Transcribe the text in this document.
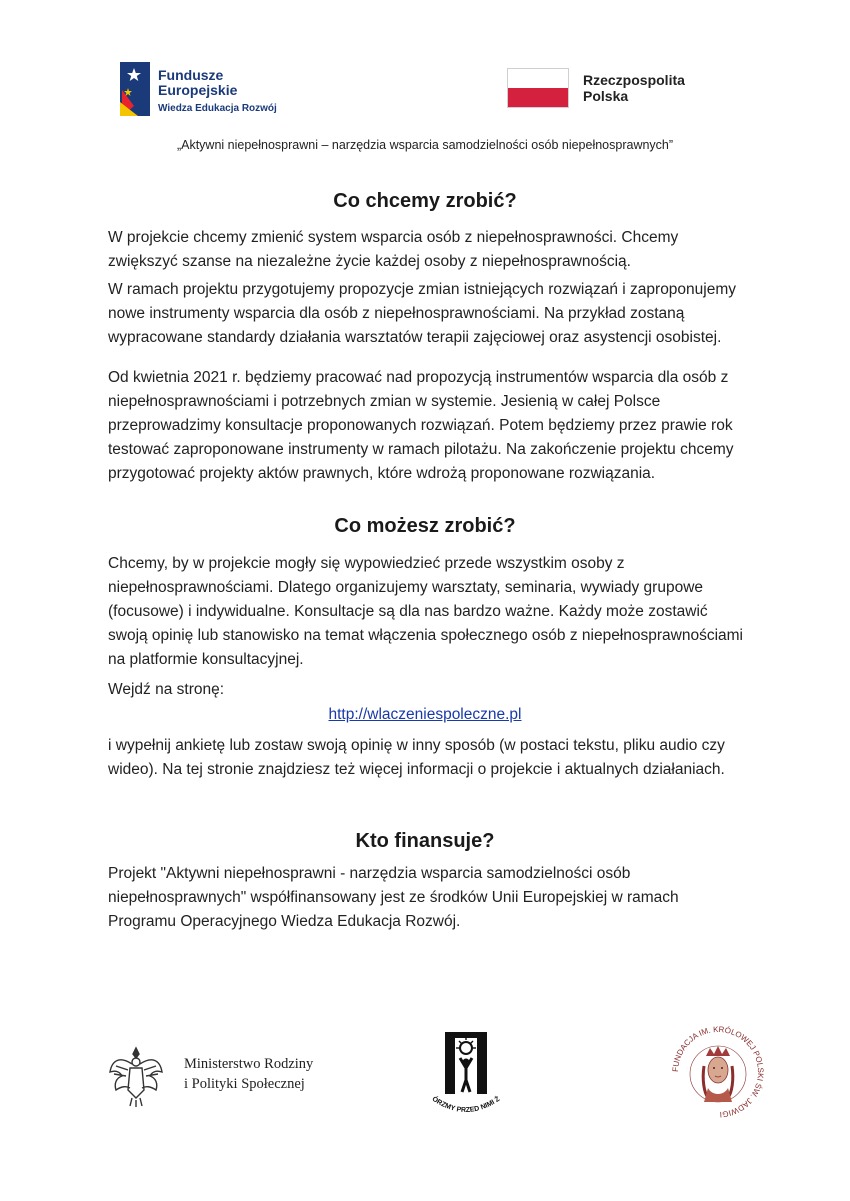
Fundusze
Europejskie
Wiedza Edukacja Rozwój
Rzeczpospolita
Polska
„Aktywni niepełnosprawni – narzędzia wsparcia samodzielności osób niepełnosprawnych”
Co chcemy zrobić?

W projekcie chcemy zmienić system wsparcia osób z niepełnosprawności. Chcemy zwiększyć szanse na niezależne życie każdej osoby z niepełnosprawnością.

W ramach projektu przygotujemy propozycje zmian istniejących rozwiązań i zaproponujemy nowe instrumenty wsparcia dla osób z niepełnosprawnościami. Na przykład zostaną wypracowane standardy działania warsztatów terapii zajęciowej oraz asystencji osobistej.

Od kwietnia 2021 r. będziemy pracować nad propozycją instrumentów wsparcia dla osób z niepełnosprawnościami i potrzebnych zmian w systemie. Jesienią w całej Polsce przeprowadzimy konsultacje proponowanych rozwiązań. Potem będziemy przez prawie rok testować zaproponowane instrumenty w ramach pilotażu. Na zakończenie projektu chcemy przygotować projekty aktów prawnych, które wdrożą proponowane rozwiązania.

Co możesz zrobić?

Chcemy, by w projekcie mogły się wypowiedzieć przede wszystkim osoby z niepełnosprawnościami. Dlatego organizujemy warsztaty, seminaria, wywiady grupowe (focusowe) i indywidualne. Konsultacje są dla nas bardzo ważne. Każdy może zostawić swoją opinię lub stanowisko na temat włączenia społecznego osób z niepełnosprawnościami na platformie konsultacyjnej.

Wejdź na stronę:

http://wlaczeniespoleczne.pl

i wypełnij ankietę lub zostaw swoją opinię w inny sposób (w postaci tekstu, pliku audio czy wideo). Na tej stronie znajdziesz też więcej informacji o projekcie i aktualnych działaniach.

Kto finansuje?

Projekt "Aktywni niepełnosprawni - narzędzia wsparcia samodzielności osób niepełnosprawnych" współfinansowany jest ze środków Unii Europejskiej w ramach Programu Operacyjnego Wiedza Edukacja Rozwój.

Ministerstwo Rodziny
i Polityki Społecznej
ÓRZMY PRZED NIMI Ż
FUNDACJA IM. KRÓLOWEJ POLSKI ŚW. JADWIGI
